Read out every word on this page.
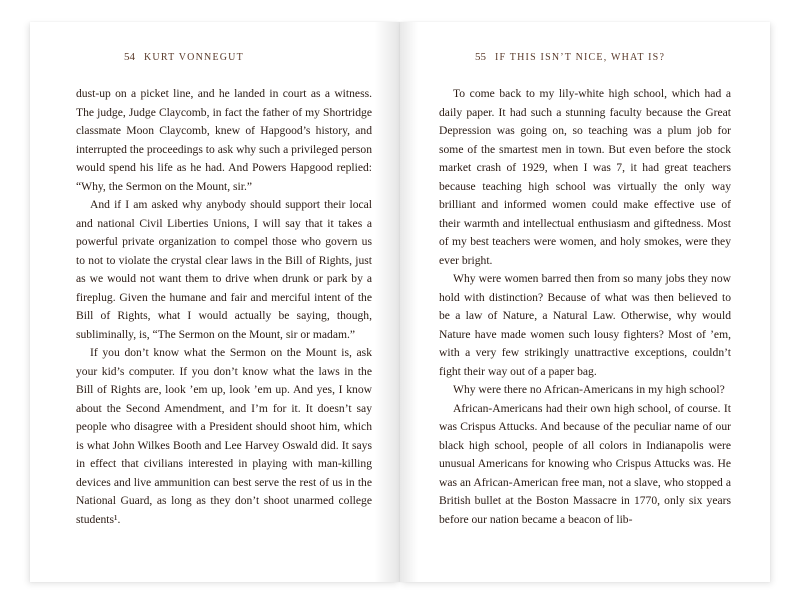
54 KURT VONNEGUT

dust-up on a picket line, and he landed in court as a witness. The judge, Judge Claycomb, in fact the father of my Shortridge classmate Moon Claycomb, knew of Hapgood’s history, and interrupted the proceedings to ask why such a privileged person would spend his life as he had. And Powers Hapgood replied: “Why, the Sermon on the Mount, sir.”

And if I am asked why anybody should support their local and national Civil Liberties Unions, I will say that it takes a powerful private organization to compel those who govern us to not to violate the crystal clear laws in the Bill of Rights, just as we would not want them to drive when drunk or park by a fireplug. Given the humane and fair and merciful intent of the Bill of Rights, what I would actually be saying, though, subliminally, is, “The Sermon on the Mount, sir or madam.”

If you don’t know what the Sermon on the Mount is, ask your kid’s computer. If you don’t know what the laws in the Bill of Rights are, look ’em up, look ’em up. And yes, I know about the Second Amendment, and I’m for it. It doesn’t say people who disagree with a President should shoot him, which is what John Wilkes Booth and Lee Harvey Oswald did. It says in effect that civilians interested in playing with man-killing devices and live ammunition can best serve the rest of us in the National Guard, as long as they don’t shoot unarmed college students¹.

55 IF THIS ISN’T NICE, WHAT IS?

To come back to my lily-white high school, which had a daily paper. It had such a stunning faculty because the Great Depression was going on, so teaching was a plum job for some of the smartest men in town. But even before the stock market crash of 1929, when I was 7, it had great teachers because teaching high school was virtually the only way brilliant and informed women could make effective use of their warmth and intellectual enthusiasm and giftedness. Most of my best teachers were women, and holy smokes, were they ever bright.

Why were women barred then from so many jobs they now hold with distinction? Because of what was then believed to be a law of Nature, a Natural Law. Otherwise, why would Nature have made women such lousy fighters? Most of ’em, with a very few strikingly unattractive exceptions, couldn’t fight their way out of a paper bag.

Why were there no African-Americans in my high school?

African-Americans had their own high school, of course. It was Crispus Attucks. And because of the peculiar name of our black high school, people of all colors in Indianapolis were unusual Americans for knowing who Crispus Attucks was. He was an African-American free man, not a slave, who stopped a British bullet at the Boston Massacre in 1770, only six years before our nation became a beacon of lib-
